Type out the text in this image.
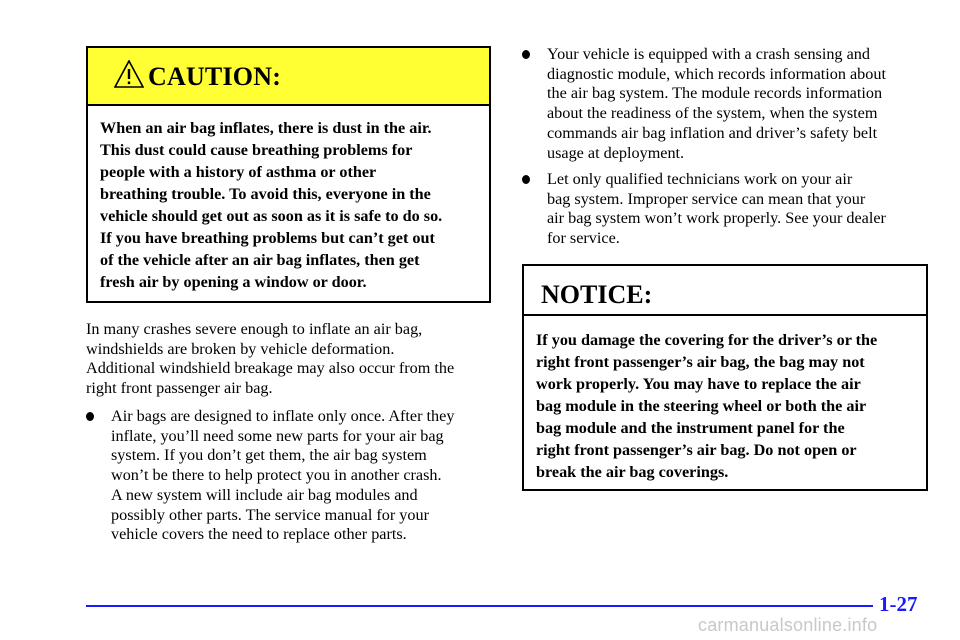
CAUTION:
When an air bag inflates, there is dust in the air.
This dust could cause breathing problems for
people with a history of asthma or other
breathing trouble. To avoid this, everyone in the
vehicle should get out as soon as it is safe to do so.
If you have breathing problems but can’t get out
of the vehicle after an air bag inflates, then get
fresh air by opening a window or door.
In many crashes severe enough to inflate an air bag,
windshields are broken by vehicle deformation.
Additional windshield breakage may also occur from the
right front passenger air bag.
Air bags are designed to inflate only once. After they
inflate, you’ll need some new parts for your air bag
system. If you don’t get them, the air bag system
won’t be there to help protect you in another crash.
A new system will include air bag modules and
possibly other parts. The service manual for your
vehicle covers the need to replace other parts.
Your vehicle is equipped with a crash sensing and
diagnostic module, which records information about
the air bag system. The module records information
about the readiness of the system, when the system
commands air bag inflation and driver’s safety belt
usage at deployment.
Let only qualified technicians work on your air
bag system. Improper service can mean that your
air bag system won’t work properly. See your dealer
for service.
NOTICE:
If you damage the covering for the driver’s or the
right front passenger’s air bag, the bag may not
work properly. You may have to replace the air
bag module in the steering wheel or both the air
bag module and the instrument panel for the
right front passenger’s air bag. Do not open or
break the air bag coverings.
1-27
carmanualsonline.info
